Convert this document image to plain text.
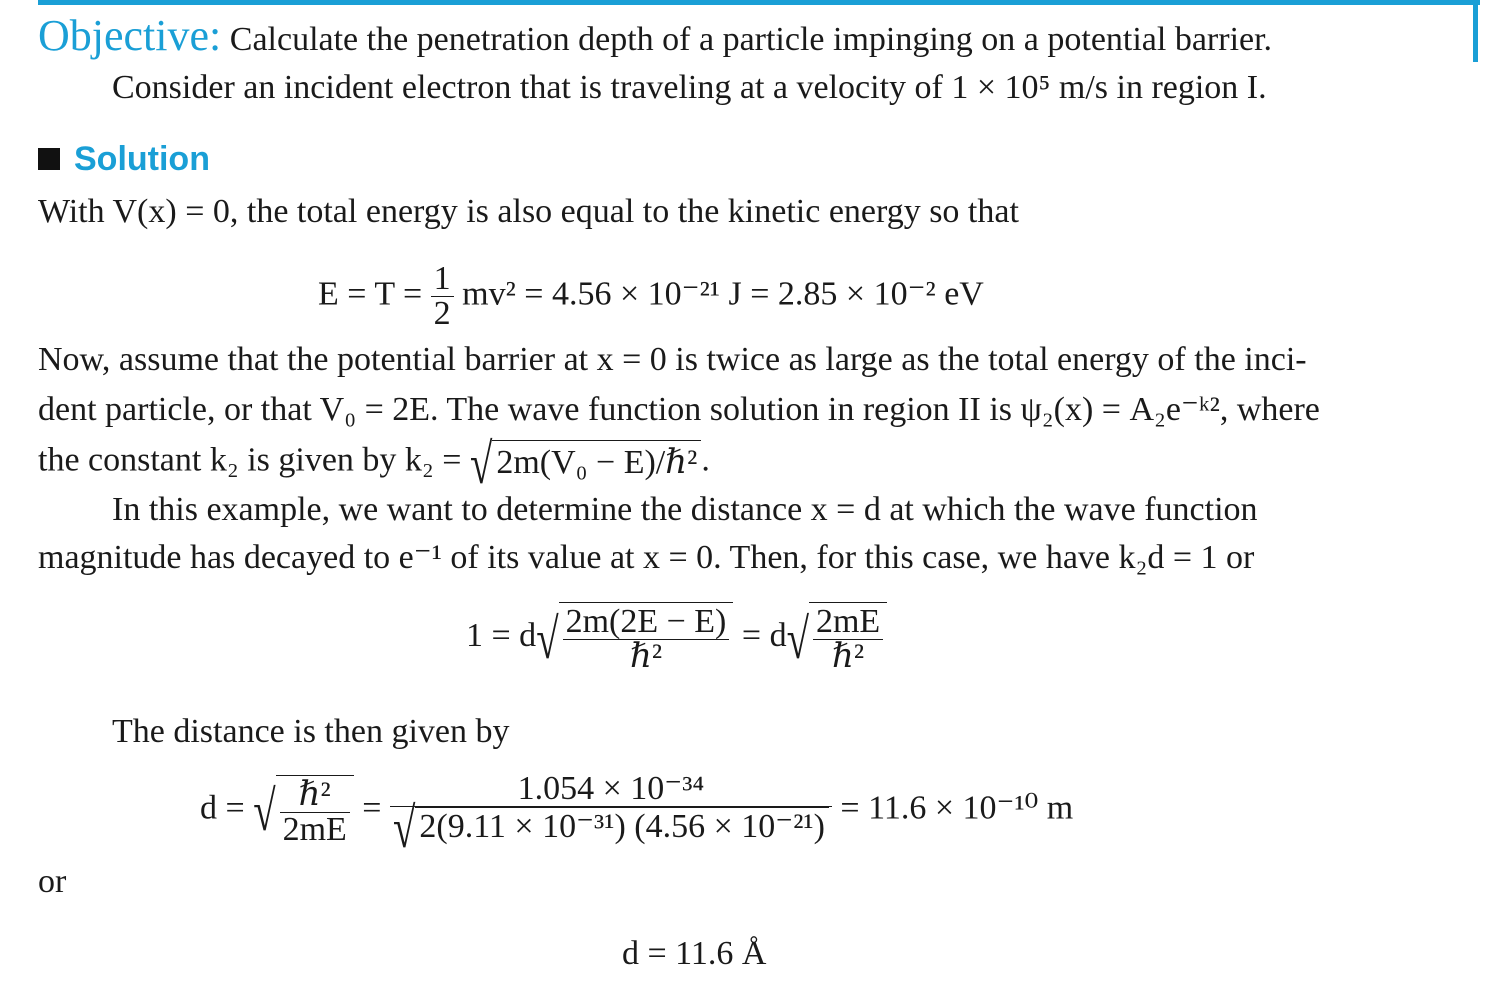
Objective: Calculate the penetration depth of a particle impinging on a potential barrier.
Consider an incident electron that is traveling at a velocity of 1 × 10⁵ m/s in region I.
Solution
With V(x) = 0, the total energy is also equal to the kinetic energy so that
$E = T = \frac{1}{2} mv^2 = 4.56 \times 10^{-21}$ J = 2.85 × 10⁻² eV
Now, assume that the potential barrier at x = 0 is twice as large as the total energy of the inci-
dent particle, or that V₀ = 2E. The wave function solution in region II is ψ₂(x) = A₂e⁻ᵏ², where
the constant k₂ is given by k₂ = √ 2m(V₀ − E)/ℏ² .
In this example, we want to determine the distance x = d at which the wave function
magnitude has decayed to e⁻¹ of its value at x = 0. Then, for this case, we have k₂d = 1 or
$1 = d√ \frac{2m(2E - E)}{\text{ℏ²}} = d√ \frac{2mE}{\text{ℏ²}}$
The distance is then given by
d = √ $\frac{\text{ℏ²}}{2mE} = \frac{\text{1.054 × 10⁻³⁴}}{\text{√ 2(9.11 × 10⁻³¹) (4.56 × 10⁻²¹)}} = 11.6 \times 10^{-10}$ m
or
d = 11.6 Å
